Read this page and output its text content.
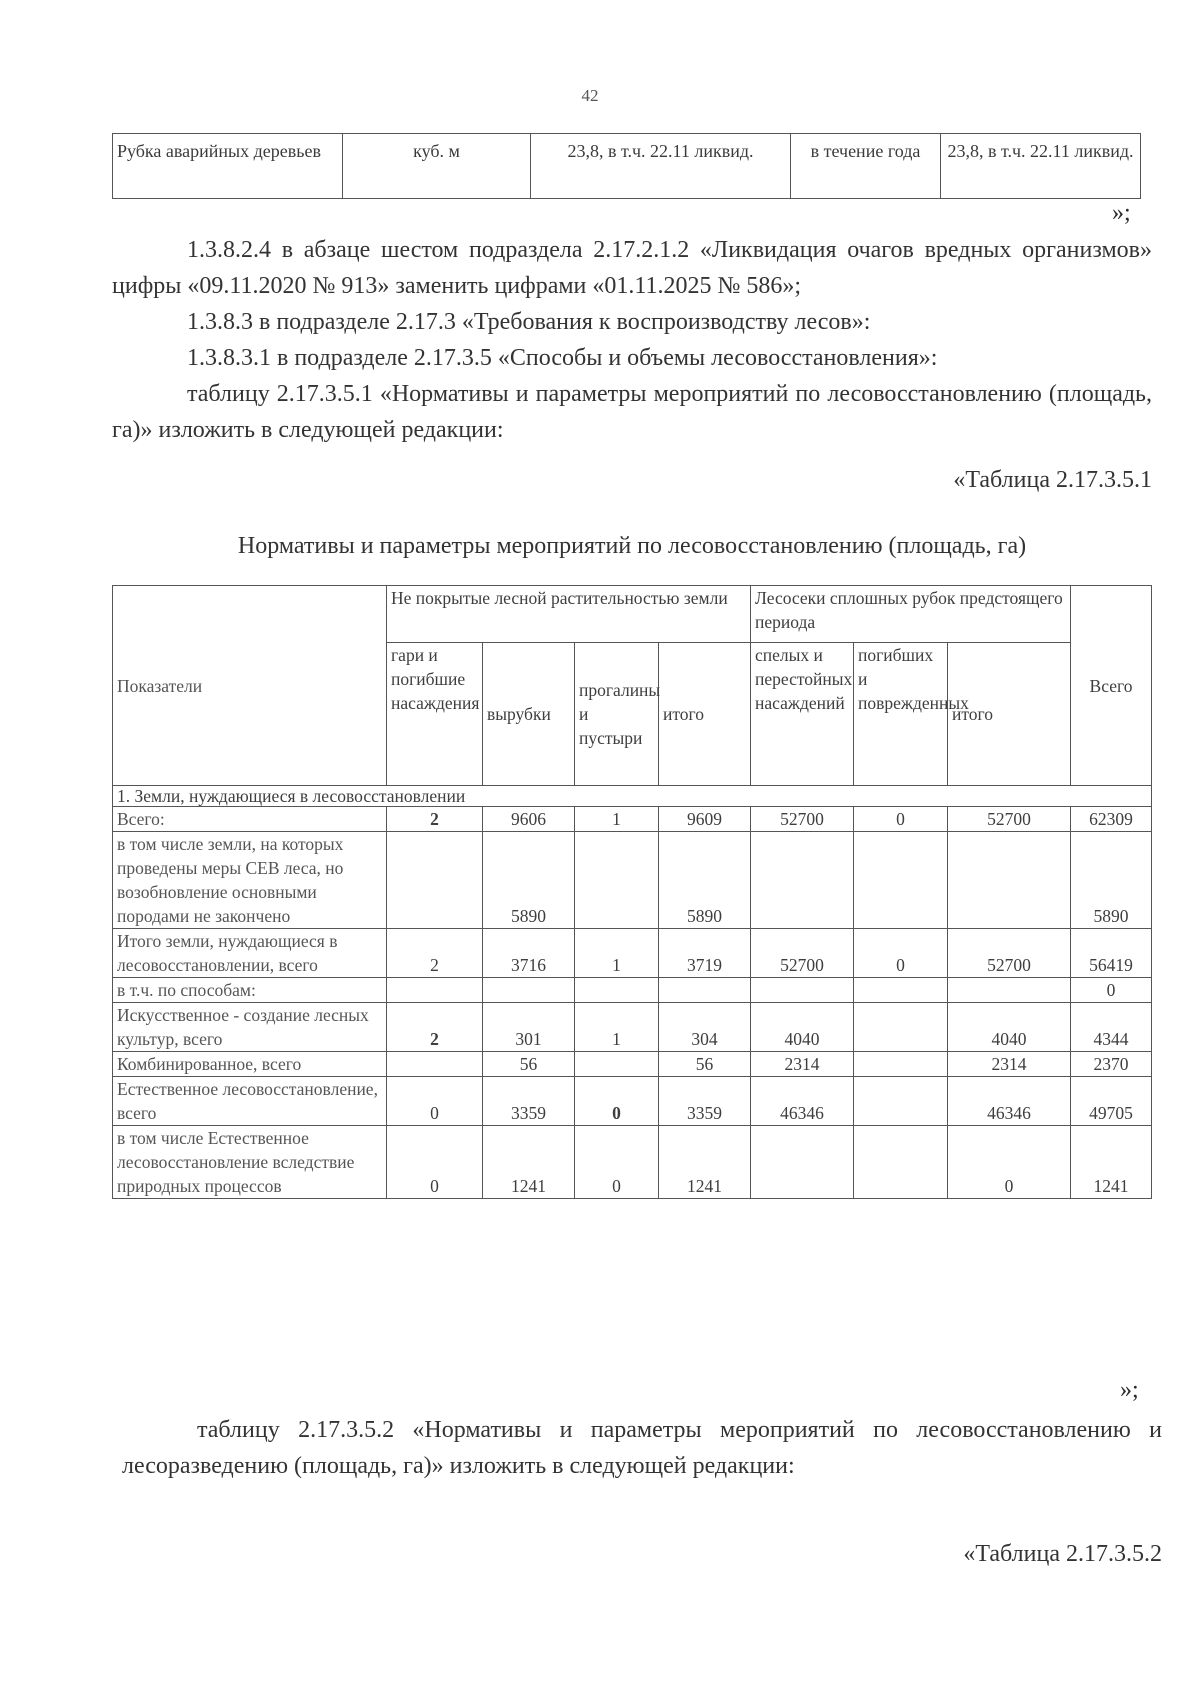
42
Рубка аварийных деревьев	куб. м	23,8, в т.ч. 22.11 ликвид.	в течение года	23,8, в т.ч. 22.11 ликвид.
»;
1.3.8.2.4 в абзаце шестом подраздела 2.17.2.1.2 «Ликвидация очагов вредных организмов» цифры «09.11.2020 № 913» заменить цифрами «01.11.2025 № 586»;
1.3.8.3 в подразделе 2.17.3 «Требования к воспроизводству лесов»:
1.3.8.3.1 в подразделе 2.17.3.5 «Способы и объемы лесовосстановления»:
таблицу 2.17.3.5.1 «Нормативы и параметры мероприятий по лесовосстановлению (площадь, га)» изложить в следующей редакции:
«Таблица 2.17.3.5.1
Нормативы и параметры мероприятий по лесовосстановлению (площадь, га)
Показатели	Не покрытые лесной растительностью земли				Лесосеки сплошных рубок предстоящего периода			Всего
	гари и погибшие насаждения	вырубки	прогалины и пустыри	итого	спелых и перестойных насаждений	погибших и поврежденных	итого	
1. Земли, нуждающиеся в лесовосстановлении								
Всего:	2	9606	1	9609	52700	0	52700	62309
в том числе земли, на которых проведены меры СЕВ леса, но возобновление основными породами не закончено		5890		5890				5890
Итого земли, нуждающиеся в лесовосстановлении, всего	2	3716	1	3719	52700	0	52700	56419
в т.ч. по способам:								0
Искусственное - создание лесных культур, всего	2	301	1	304	4040		4040	4344
Комбинированное, всего		56		56	2314		2314	2370
Естественное лесовосстановление, всего	0	3359	0	3359	46346		46346	49705
в том числе Естественное лесовосстановление вследствие природных процессов	0	1241	0	1241			0	1241
»;
таблицу 2.17.3.5.2 «Нормативы и параметры мероприятий по лесовосстановлению и лесоразведению (площадь, га)» изложить в следующей редакции:
«Таблица 2.17.3.5.2
